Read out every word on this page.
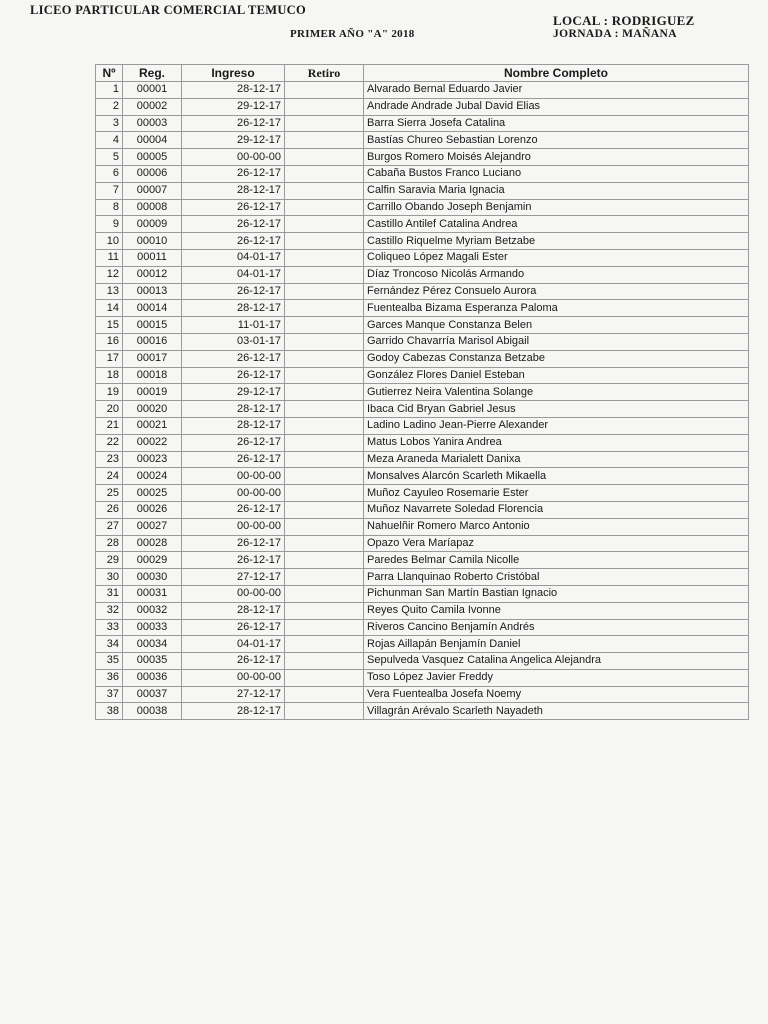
LICEO PARTICULAR COMERCIAL TEMUCO
LOCAL : RODRIGUEZ
PRIMER AÑO "A" 2018	JORNADA : MAÑANA
Nº	Reg.	Ingreso	Retiro	Nombre Completo
1	00001	28-12-17		Alvarado Bernal Eduardo Javier
2	00002	29-12-17		Andrade Andrade Jubal David Elias
3	00003	26-12-17		Barra Sierra Josefa Catalina
4	00004	29-12-17		Bastías Chureo Sebastian Lorenzo
5	00005	00-00-00		Burgos Romero Moisés Alejandro
6	00006	26-12-17		Cabaña Bustos Franco Luciano
7	00007	28-12-17		Calfin Saravia Maria Ignacia
8	00008	26-12-17		Carrillo Obando Joseph Benjamin
9	00009	26-12-17		Castillo Antilef Catalina Andrea
10	00010	26-12-17		Castillo Riquelme Myriam Betzabe
11	00011	04-01-17		Coliqueo López Magali Ester
12	00012	04-01-17		Díaz Troncoso Nicolás Armando
13	00013	26-12-17		Fernández Pérez Consuelo Aurora
14	00014	28-12-17		Fuentealba Bizama Esperanza Paloma
15	00015	11-01-17		Garces Manque Constanza Belen
16	00016	03-01-17		Garrido Chavarría Marisol Abigail
17	00017	26-12-17		Godoy Cabezas Constanza Betzabe
18	00018	26-12-17		González Flores Daniel Esteban
19	00019	29-12-17		Gutierrez Neira Valentina Solange
20	00020	28-12-17		Ibaca Cid Bryan Gabriel Jesus
21	00021	28-12-17		Ladino Ladino Jean-Pierre Alexander
22	00022	26-12-17		Matus Lobos Yanira Andrea
23	00023	26-12-17		Meza Araneda Marialett Danixa
24	00024	00-00-00		Monsalves Alarcón Scarleth Mikaella
25	00025	00-00-00		Muñoz Cayuleo Rosemarie Ester
26	00026	26-12-17		Muñoz Navarrete Soledad Florencia
27	00027	00-00-00		Nahuelñir Romero Marco Antonio
28	00028	26-12-17		Opazo Vera Maríapaz
29	00029	26-12-17		Paredes Belmar Camila Nicolle
30	00030	27-12-17		Parra Llanquinao Roberto Cristóbal
31	00031	00-00-00		Pichunman San Martín Bastian Ignacio
32	00032	28-12-17		Reyes Quito Camila Ivonne
33	00033	26-12-17		Riveros Cancino Benjamín Andrés
34	00034	04-01-17		Rojas Aillapán Benjamín Daniel
35	00035	26-12-17		Sepulveda Vasquez Catalina Angelica Alejandra
36	00036	00-00-00		Toso López Javier Freddy
37	00037	27-12-17		Vera Fuentealba Josefa Noemy
38	00038	28-12-17		Villagrán Arévalo Scarleth Nayadeth
